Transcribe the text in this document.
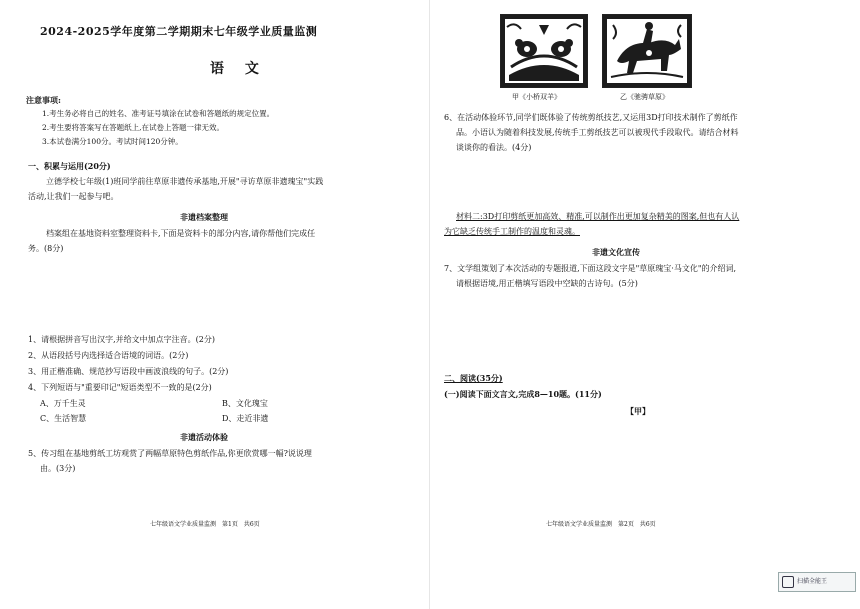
2024-2025学年度第二学期期末七年级学业质量监测
语 文
注意事项:
1.考生务必将自己的姓名、准考证号填涂在试卷和答题纸的规定位置。
2.考生要将答案写在答题纸上,在试卷上答题一律无效。
3.本试卷满分100分。考试时间120分钟。
一、积累与运用(20分)
立德学校七年级(1)班同学前往草原非遗传承基地,开展"寻访草原非遗瑰宝"实践
活动,让我们一起参与吧。
非遗档案整理
档案组在基地资料室整理资料卡,下面是资料卡的部分内容,请你帮他们完成任
务。(8分)
1、请根据拼音写出汉字,并给文中加点字注音。(2分)
2、从语段括号内选择适合语境的词语。(2分)
3、用正楷准确、规范抄写语段中画波浪线的句子。(2分)
4、下列短语与"重要印记"短语类型不一致的是(2分)
A、万千生灵	B、文化瑰宝
C、生活智慧	D、走近非遗
非遗活动体验
5、传习组在基地剪纸工坊观赏了两幅草原特色剪纸作品,你更欣赏哪一幅?说说理
由。(3分)
七年级语文学业质量监测　第1页　共6页
甲《小桥双羊》	乙《驰骋草原》
6、在活动体验环节,同学们既体验了传统剪纸技艺,又运用3D打印技术制作了剪纸作
品。小语认为随着科技发展,传统手工剪纸技艺可以被现代手段取代。请结合材料
谈谈你的看法。(4分)
材料二:3D打印剪纸更加高效、精准,可以制作出更加复杂精美的图案,但也有人认
为它缺乏传统手工制作的温度和灵魂。
非遗文化宣传
7、文学组策划了本次活动的专题报道,下面这段文字是"草原瑰宝·马文化"的介绍词,
请根据语境,用正楷填写语段中空缺的古诗句。(5分)
二、阅读(35分)
(一)阅读下面文言文,完成8—10题。(11分)
【甲】
七年级语文学业质量监测　第2页　共6页
扫描全能王
